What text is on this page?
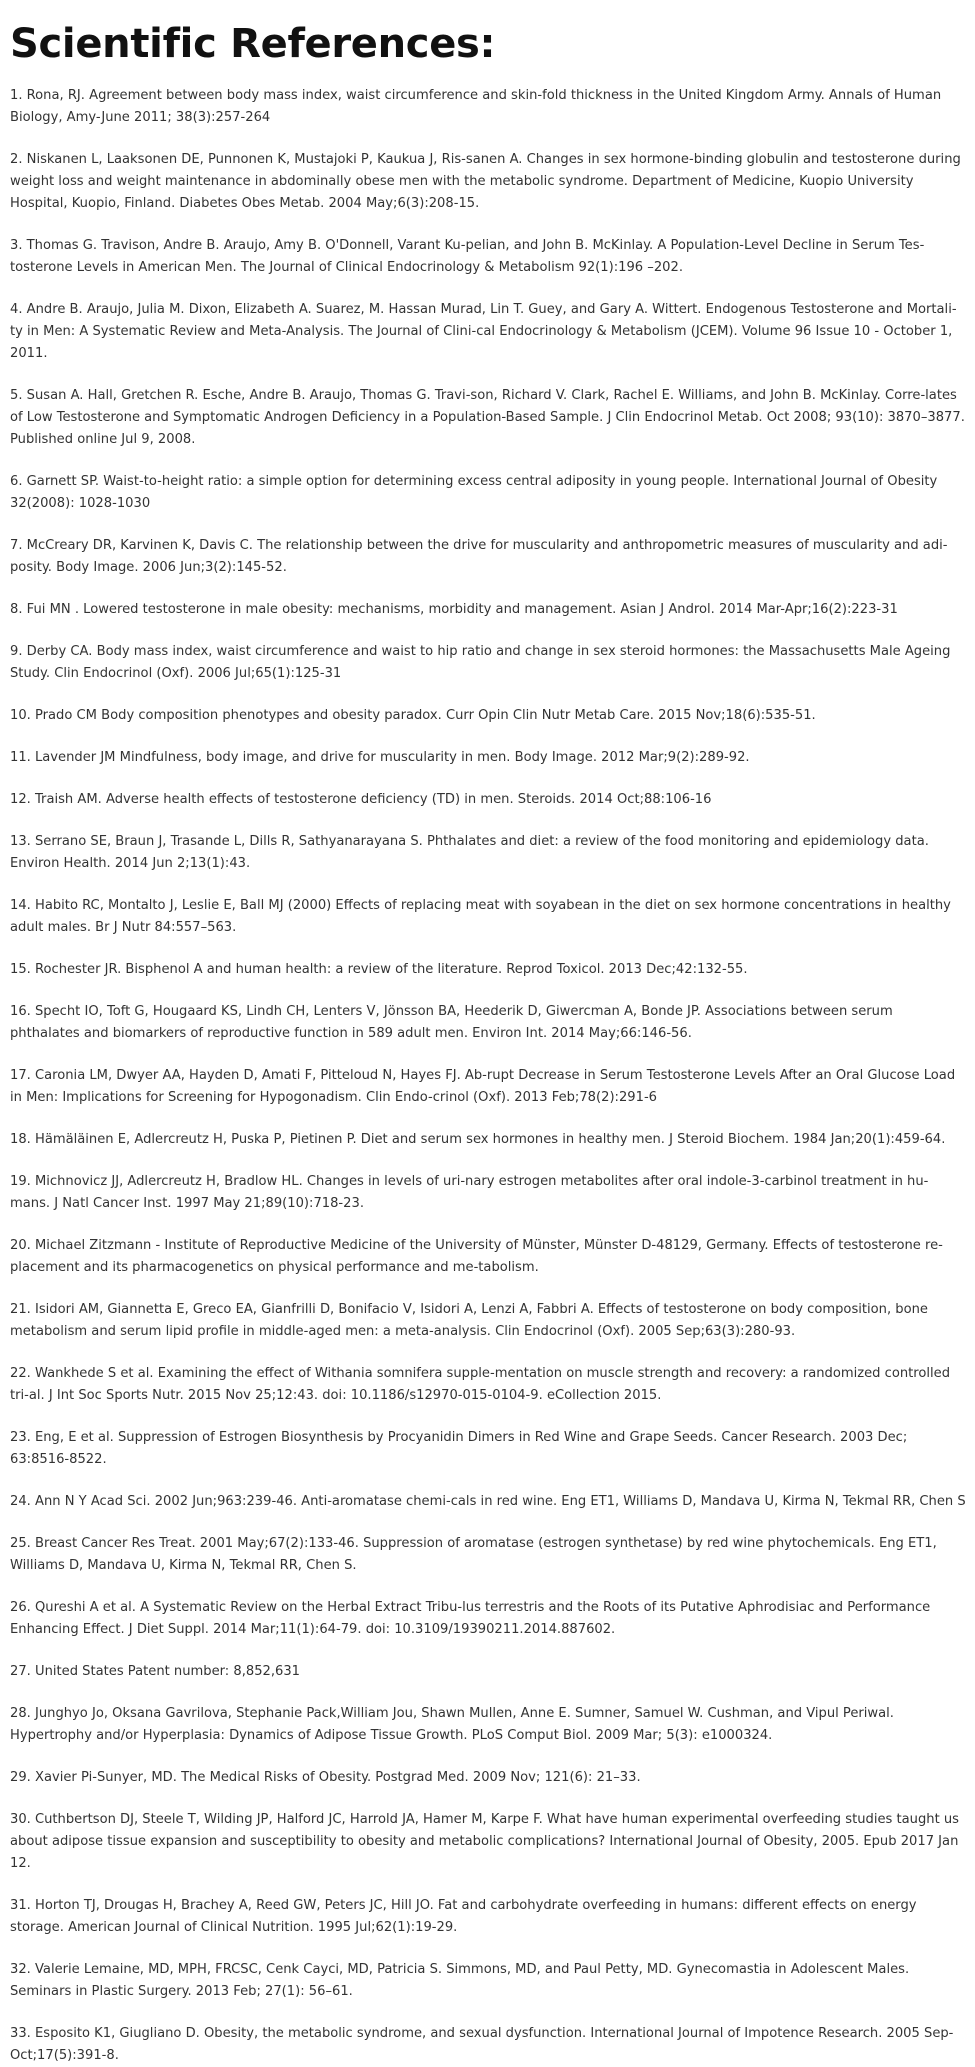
Scientific References:
1. Rona, RJ. Agreement between body mass index, waist circumference and skin-fold thickness in the United Kingdom Army. Annals of Human Biology, Amy-June 2011; 38(3):257-264
2. Niskanen L, Laaksonen DE, Punnonen K, Mustajoki P, Kaukua J, Ris-sanen A. Changes in sex hormone-binding globulin and testosterone during weight loss and weight maintenance in abdominally obese men with the metabolic syndrome. Department of Medicine, Kuopio University Hospital, Kuopio, Finland. Diabetes Obes Metab. 2004 May;6(3):208-15.
3. Thomas G. Travison, Andre B. Araujo, Amy B. O'Donnell, Varant Ku-pelian, and John B. McKinlay. A Population-Level Decline in Serum Tes-tosterone Levels in American Men. The Journal of Clinical Endocrinology & Metabolism 92(1):196 –202.
4. Andre B. Araujo, Julia M. Dixon, Elizabeth A. Suarez, M. Hassan Murad, Lin T. Guey, and Gary A. Wittert. Endogenous Testosterone and Mortali-ty in Men: A Systematic Review and Meta-Analysis. The Journal of Clini-cal Endocrinology & Metabolism (JCEM). Volume 96 Issue 10 - October 1, 2011.
5. Susan A. Hall, Gretchen R. Esche, Andre B. Araujo, Thomas G. Travi-son, Richard V. Clark, Rachel E. Williams, and John B. McKinlay. Corre-lates of Low Testosterone and Symptomatic Androgen Deficiency in a Population-Based Sample. J Clin Endocrinol Metab. Oct 2008; 93(10): 3870–3877. Published online Jul 9, 2008.
6. Garnett SP. Waist-to-height ratio: a simple option for determining excess central adiposity in young people. International Journal of Obesity 32(2008): 1028-1030
7. McCreary DR, Karvinen K, Davis C. The relationship between the drive for muscularity and anthropometric measures of muscularity and adi-posity. Body Image. 2006 Jun;3(2):145-52.
8. Fui MN . Lowered testosterone in male obesity: mechanisms, morbidity and management. Asian J Androl. 2014 Mar-Apr;16(2):223-31
9. Derby CA. Body mass index, waist circumference and waist to hip ratio and change in sex steroid hormones: the Massachusetts Male Ageing Study. Clin Endocrinol (Oxf). 2006 Jul;65(1):125-31
10. Prado CM Body composition phenotypes and obesity paradox. Curr Opin Clin Nutr Metab Care. 2015 Nov;18(6):535-51.
11. Lavender JM Mindfulness, body image, and drive for muscularity in men. Body Image. 2012 Mar;9(2):289-92.
12. Traish AM. Adverse health effects of testosterone deficiency (TD) in men. Steroids. 2014 Oct;88:106-16
13. Serrano SE, Braun J, Trasande L, Dills R, Sathyanarayana S. Phthalates and diet: a review of the food monitoring and epidemiology data. Environ Health. 2014 Jun 2;13(1):43.
14. Habito RC, Montalto J, Leslie E, Ball MJ (2000) Effects of replacing meat with soyabean in the diet on sex hormone concentrations in healthy adult males. Br J Nutr 84:557–563.
15. Rochester JR. Bisphenol A and human health: a review of the literature. Reprod Toxicol. 2013 Dec;42:132-55.
16. Specht IO, Toft G, Hougaard KS, Lindh CH, Lenters V, Jönsson BA, Heederik D, Giwercman A, Bonde JP. Associations between serum phthalates and biomarkers of reproductive function in 589 adult men. Environ Int. 2014 May;66:146-56.
17. Caronia LM, Dwyer AA, Hayden D, Amati F, Pitteloud N, Hayes FJ. Ab-rupt Decrease in Serum Testosterone Levels After an Oral Glucose Load in Men: Implications for Screening for Hypogonadism. Clin Endo-crinol (Oxf). 2013 Feb;78(2):291-6
18. Hämäläinen E, Adlercreutz H, Puska P, Pietinen P. Diet and serum sex hormones in healthy men. J Steroid Biochem. 1984 Jan;20(1):459-64.
19. Michnovicz JJ, Adlercreutz H, Bradlow HL. Changes in levels of uri-nary estrogen metabolites after oral indole-3-carbinol treatment in hu-mans. J Natl Cancer Inst. 1997 May 21;89(10):718-23.
20. Michael Zitzmann - Institute of Reproductive Medicine of the University of Münster, Münster D-48129, Germany. Effects of testosterone re-placement and its pharmacogenetics on physical performance and me-tabolism.
21. Isidori AM, Giannetta E, Greco EA, Gianfrilli D, Bonifacio V, Isidori A, Lenzi A, Fabbri A. Effects of testosterone on body composition, bone metabolism and serum lipid profile in middle-aged men: a meta-analysis. Clin Endocrinol (Oxf). 2005 Sep;63(3):280-93.
22. Wankhede S et al. Examining the effect of Withania somnifera supple-mentation on muscle strength and recovery: a randomized controlled tri-al. J Int Soc Sports Nutr. 2015 Nov 25;12:43. doi: 10.1186/s12970-015-0104-9. eCollection 2015.
23. Eng, E et al. Suppression of Estrogen Biosynthesis by Procyanidin Dimers in Red Wine and Grape Seeds. Cancer Research. 2003 Dec; 63:8516-8522.
24. Ann N Y Acad Sci. 2002 Jun;963:239-46. Anti-aromatase chemi-cals in red wine. Eng ET1, Williams D, Mandava U, Kirma N, Tekmal RR, Chen S
25. Breast Cancer Res Treat. 2001 May;67(2):133-46. Suppression of aromatase (estrogen synthetase) by red wine phytochemicals. Eng ET1, Williams D, Mandava U, Kirma N, Tekmal RR, Chen S.
26. Qureshi A et al. A Systematic Review on the Herbal Extract Tribu-lus terrestris and the Roots of its Putative Aphrodisiac and Performance Enhancing Effect. J Diet Suppl. 2014 Mar;11(1):64-79. doi: 10.3109/19390211.2014.887602.
27. United States Patent number: 8,852,631
28. Junghyo Jo, Oksana Gavrilova, Stephanie Pack,William Jou, Shawn Mullen, Anne E. Sumner, Samuel W. Cushman, and Vipul Periwal. Hypertrophy and/or Hyperplasia: Dynamics of Adipose Tissue Growth. PLoS Comput Biol. 2009 Mar; 5(3): e1000324.
29. Xavier Pi-Sunyer, MD. The Medical Risks of Obesity. Postgrad Med. 2009 Nov; 121(6): 21–33.
30. Cuthbertson DJ, Steele T, Wilding JP, Halford JC, Harrold JA, Hamer M, Karpe F. What have human experimental overfeeding studies taught us about adipose tissue expansion and susceptibility to obesity and metabolic complications? International Journal of Obesity, 2005. Epub 2017 Jan 12.
31. Horton TJ, Drougas H, Brachey A, Reed GW, Peters JC, Hill JO. Fat and carbohydrate overfeeding in humans: different effects on energy storage. American Journal of Clinical Nutrition. 1995 Jul;62(1):19-29.
32. Valerie Lemaine, MD, MPH, FRCSC, Cenk Cayci, MD, Patricia S. Simmons, MD, and Paul Petty, MD. Gynecomastia in Adolescent Males. Seminars in Plastic Surgery. 2013 Feb; 27(1): 56–61.
33. Esposito K1, Giugliano D. Obesity, the metabolic syndrome, and sexual dysfunction. International Journal of Impotence Research. 2005 Sep-Oct;17(5):391-8.
